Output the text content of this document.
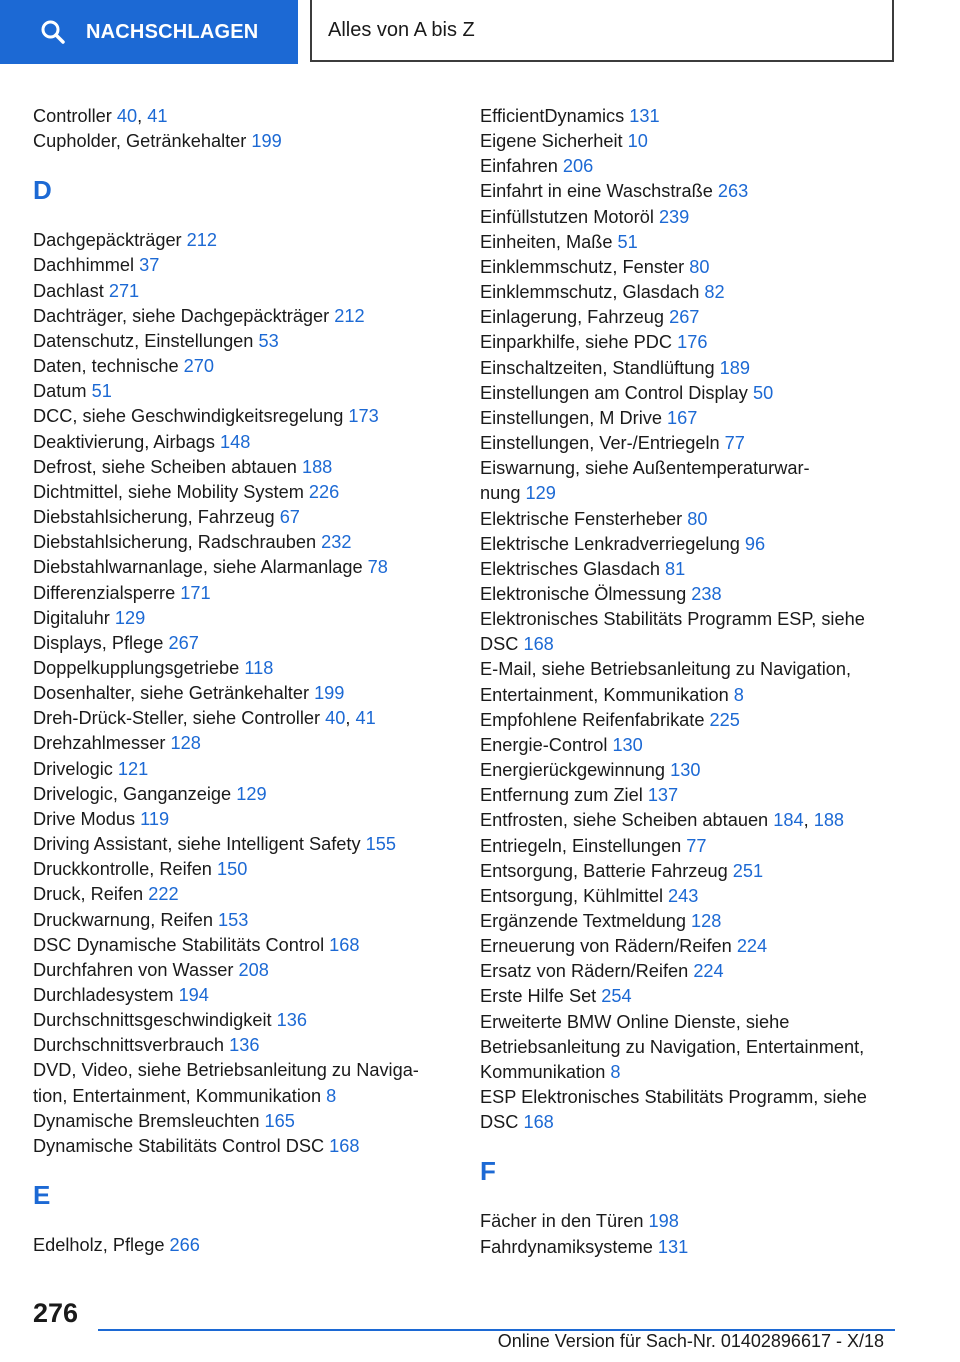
NACHSCHLAGEN	Alles von A bis Z
Controller 40, 41
Cupholder, Getränkehalter 199
D
Dachgepäckträger 212
Dachhimmel 37
Dachlast 271
Dachträger, siehe Dachgepäckträger 212
Datenschutz, Einstellungen 53
Daten, technische 270
Datum 51
DCC, siehe Geschwindigkeitsregelung 173
Deaktivierung, Airbags 148
Defrost, siehe Scheiben abtauen 188
Dichtmittel, siehe Mobility System 226
Diebstahlsicherung, Fahrzeug 67
Diebstahlsicherung, Radschrauben 232
Diebstahlwarnanlage, siehe Alarmanlage 78
Differenzialsperre 171
Digitaluhr 129
Displays, Pflege 267
Doppelkupplungsgetriebe 118
Dosenhalter, siehe Getränkehalter 199
Dreh-Drück-Steller, siehe Controller 40, 41
Drehzahlmesser 128
Drivelogic 121
Drivelogic, Ganganzeige 129
Drive Modus 119
Driving Assistant, siehe Intelligent Safety 155
Druckkontrolle, Reifen 150
Druck, Reifen 222
Druckwarnung, Reifen 153
DSC Dynamische Stabilitäts Control 168
Durchfahren von Wasser 208
Durchladesystem 194
Durchschnittsgeschwindigkeit 136
Durchschnittsverbrauch 136
DVD, Video, siehe Betriebsanleitung zu Naviga-
tion, Entertainment, Kommunikation 8
Dynamische Bremsleuchten 165
Dynamische Stabilitäts Control DSC 168
E
Edelholz, Pflege 266
EfficientDynamics 131
Eigene Sicherheit 10
Einfahren 206
Einfahrt in eine Waschstraße 263
Einfüllstutzen Motoröl 239
Einheiten, Maße 51
Einklemmschutz, Fenster 80
Einklemmschutz, Glasdach 82
Einlagerung, Fahrzeug 267
Einparkhilfe, siehe PDC 176
Einschaltzeiten, Standlüftung 189
Einstellungen am Control Display 50
Einstellungen, M Drive 167
Einstellungen, Ver-/Entriegeln 77
Eiswarnung, siehe Außentemperaturwar-
nung 129
Elektrische Fensterheber 80
Elektrische Lenkradverriegelung 96
Elektrisches Glasdach 81
Elektronische Ölmessung 238
Elektronisches Stabilitäts Programm ESP, siehe
DSC 168
E-Mail, siehe Betriebsanleitung zu Navigation,
Entertainment, Kommunikation 8
Empfohlene Reifenfabrikate 225
Energie-Control 130
Energierückgewinnung 130
Entfernung zum Ziel 137
Entfrosten, siehe Scheiben abtauen 184, 188
Entriegeln, Einstellungen 77
Entsorgung, Batterie Fahrzeug 251
Entsorgung, Kühlmittel 243
Ergänzende Textmeldung 128
Erneuerung von Rädern/Reifen 224
Ersatz von Rädern/Reifen 224
Erste Hilfe Set 254
Erweiterte BMW Online Dienste, siehe
Betriebsanleitung zu Navigation, Entertainment,
Kommunikation 8
ESP Elektronisches Stabilitäts Programm, siehe
DSC 168
F
Fächer in den Türen 198
Fahrdynamiksysteme 131
276
Online Version für Sach-Nr. 01402896617 - X/18
